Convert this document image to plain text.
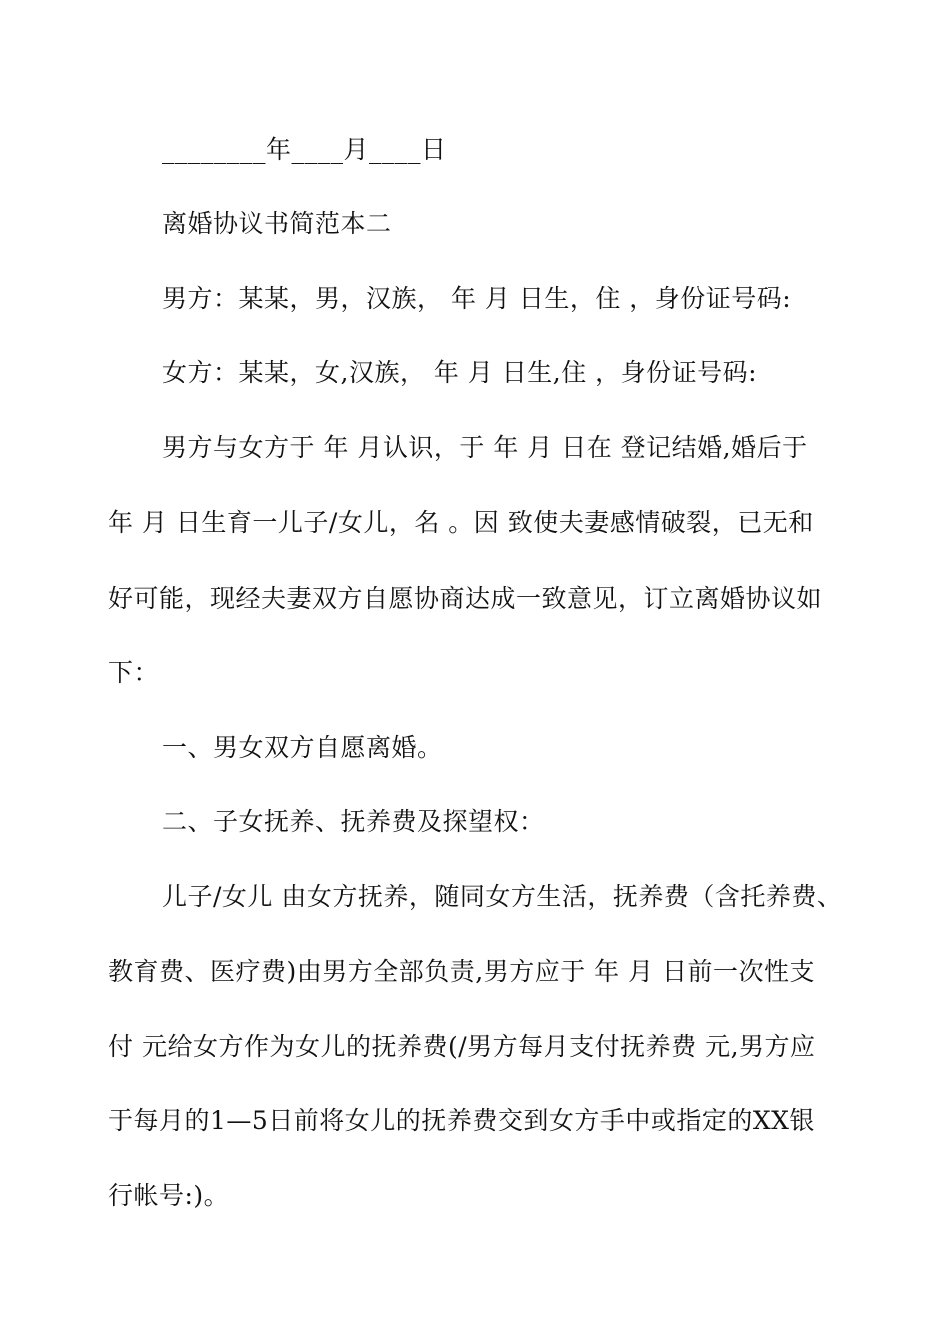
________年____月____日
离婚协议书简范本二
男方：某某，男，汉族， 年 月 日生，住 ，身份证号码:
女方：某某，女,汉族， 年 月 日生,住 ，身份证号码:
男方与女方于 年 月认识，于 年 月 日在 登记结婚,婚后于
年 月 日生育一儿子/女儿，名 。因 致使夫妻感情破裂，已无和
好可能，现经夫妻双方自愿协商达成一致意见，订立离婚协议如
下：
一、男女双方自愿离婚。
二、子女抚养、抚养费及探望权：
儿子/女儿 由女方抚养，随同女方生活，抚养费（含托养费、
教育费、医疗费)由男方全部负责,男方应于 年 月 日前一次性支
付 元给女方作为女儿的抚养费(/男方每月支付抚养费 元,男方应
于每月的1—5日前将女儿的抚养费交到女方手中或指定的XX银
行帐号:)。
